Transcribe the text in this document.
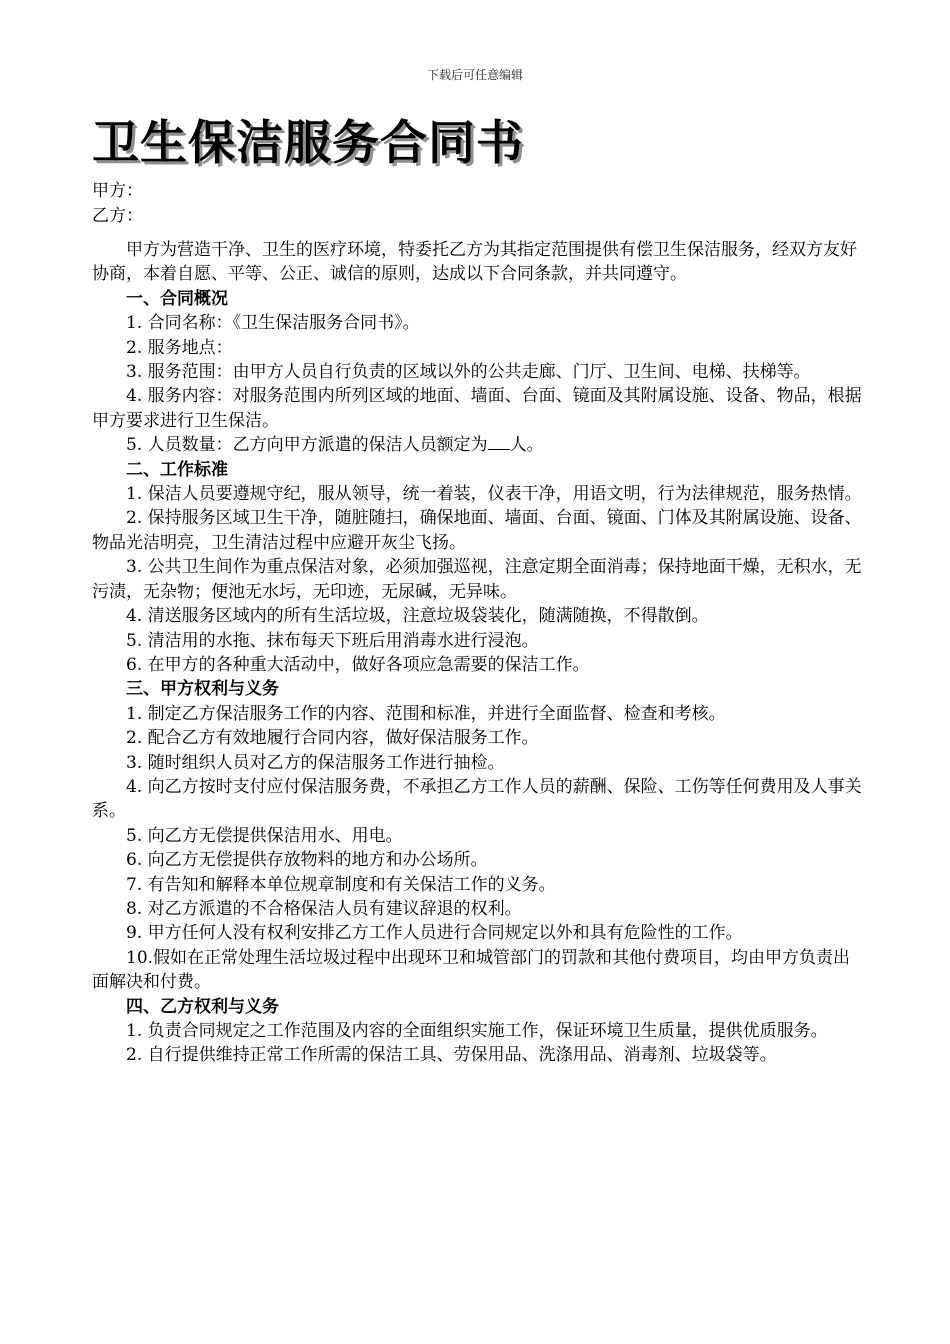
下载后可任意编辑
卫生保洁服务合同书
甲方：
乙方：

甲方为营造干净、卫生的医疗环境，特委托乙方为其指定范围提供有偿卫生保洁服务，经双方友好协商，本着自愿、平等、公正、诚信的原则，达成以下合同条款，并共同遵守。

一、合同概况

1. 合同名称：《卫生保洁服务合同书》。

2. 服务地点：

3. 服务范围：由甲方人员自行负责的区域以外的公共走廊、门厅、卫生间、电梯、扶梯等。

4. 服务内容：对服务范围内所列区域的地面、墙面、台面、镜面及其附属设施、设备、物品，根据甲方要求进行卫生保洁。

5. 人员数量：乙方向甲方派遣的保洁人员额定为 人。

二、工作标准

1. 保洁人员要遵规守纪，服从领导，统一着装，仪表干净，用语文明，行为法律规范，服务热情。

2. 保持服务区域卫生干净，随脏随扫，确保地面、墙面、台面、镜面、门体及其附属设施、设备、物品光洁明亮，卫生清洁过程中应避开灰尘飞扬。

3. 公共卫生间作为重点保洁对象，必须加强巡视，注意定期全面消毒；保持地面干燥，无积水，无污渍，无杂物；便池无水圬，无印迹，无尿碱，无异味。

4. 清送服务区域内的所有生活垃圾，注意垃圾袋装化，随满随换，不得散倒。

5. 清洁用的水拖、抹布每天下班后用消毒水进行浸泡。

6. 在甲方的各种重大活动中，做好各项应急需要的保洁工作。

三、甲方权利与义务

1. 制定乙方保洁服务工作的内容、范围和标准，并进行全面监督、检查和考核。

2. 配合乙方有效地履行合同内容，做好保洁服务工作。

3. 随时组织人员对乙方的保洁服务工作进行抽检。

4. 向乙方按时支付应付保洁服务费，不承担乙方工作人员的薪酬、保险、工伤等任何费用及人事关系。

5. 向乙方无偿提供保洁用水、用电。

6. 向乙方无偿提供存放物料的地方和办公场所。

7. 有告知和解释本单位规章制度和有关保洁工作的义务。

8. 对乙方派遣的不合格保洁人员有建议辞退的权利。

9. 甲方任何人没有权利安排乙方工作人员进行合同规定以外和具有危险性的工作。

10.假如在正常处理生活垃圾过程中出现环卫和城管部门的罚款和其他付费项目，均由甲方负责出面解决和付费。

四、乙方权利与义务

1. 负责合同规定之工作范围及内容的全面组织实施工作，保证环境卫生质量，提供优质服务。

2. 自行提供维持正常工作所需的保洁工具、劳保用品、洗涤用品、消毒剂、垃圾袋等。
